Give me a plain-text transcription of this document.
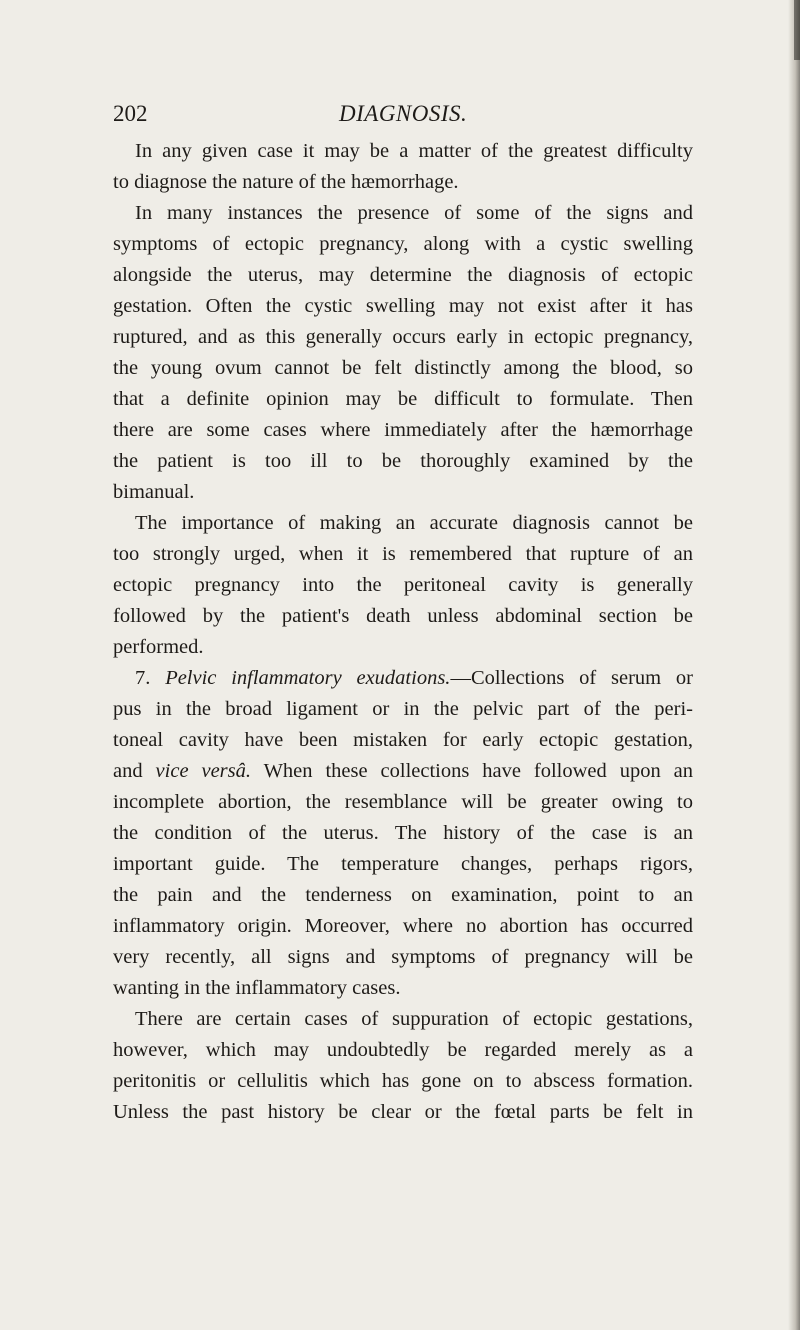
202	DIAGNOSIS.
In any given case it may be a matter of the greatest difficulty
to diagnose the nature of the hæmorrhage.
In many instances the presence of some of the signs and
symptoms of ectopic pregnancy, along with a cystic swelling
alongside the uterus, may determine the diagnosis of ectopic
gestation. Often the cystic swelling may not exist after it has
ruptured, and as this generally occurs early in ectopic pregnancy,
the young ovum cannot be felt distinctly among the blood, so
that a definite opinion may be difficult to formulate. Then
there are some cases where immediately after the hæmorrhage
the patient is too ill to be thoroughly examined by the
bimanual.
The importance of making an accurate diagnosis cannot be
too strongly urged, when it is remembered that rupture of an
ectopic pregnancy into the peritoneal cavity is generally
followed by the patient's death unless abdominal section be
performed.
7. Pelvic inflammatory exudations.—Collections of serum or
pus in the broad ligament or in the pelvic part of the peri-
toneal cavity have been mistaken for early ectopic gestation,
and vice versâ. When these collections have followed upon an
incomplete abortion, the resemblance will be greater owing to
the condition of the uterus. The history of the case is an
important guide. The temperature changes, perhaps rigors,
the pain and the tenderness on examination, point to an
inflammatory origin. Moreover, where no abortion has occurred
very recently, all signs and symptoms of pregnancy will be
wanting in the inflammatory cases.
There are certain cases of suppuration of ectopic gestations,
however, which may undoubtedly be regarded merely as a
peritonitis or cellulitis which has gone on to abscess formation.
Unless the past history be clear or the fœtal parts be felt in
